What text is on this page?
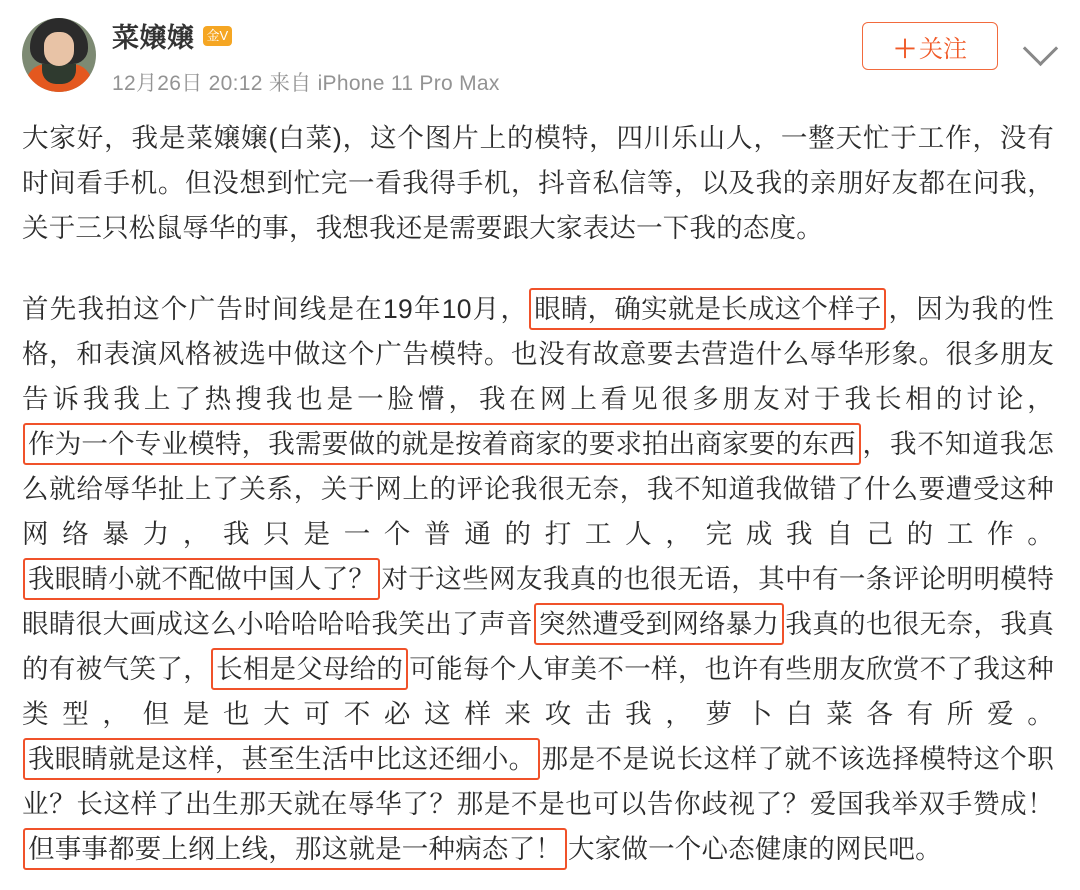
菜嬢嬢 金V
12月26日 20:12 来自 iPhone 11 Pro Max
＋ 关注
大家好，我是菜嬢嬢(白菜)，这个图片上的模特，四川乐山人，一整天忙于工作，没有时间看手机。但没想到忙完一看我得手机，抖音私信等，以及我的亲朋好友都在问我，关于三只松鼠辱华的事，我想我还是需要跟大家表达一下我的态度。
首先我拍这个广告时间线是在19年10月， 眼睛，确实就是长成这个样子 ，因为我的性格，和表演风格被选中做这个广告模特。也没有故意要去营造什么辱华形象。很多朋友告诉我我上了热搜我也是一脸懵，我在网上看见很多朋友对于我长相的讨论，作为一个专业模特，我需要做的就是按着商家的要求拍出商家要的东西 ，我不知道我怎么就给辱华扯上了关系，关于网上的评论我很无奈，我不知道我做错了什么要遭受这种网络暴力，我只是一个普通的打工人，完成我自己的工作。我眼睛小就不配做中国人了？ 对于这些网友我真的也很无语，其中有一条评论明明模特眼睛很大画成这么小哈哈哈哈我笑出了声音 突然遭受到网络暴力 我真的也很无奈，我真的有被气笑了， 长相是父母给的 可能每个人审美不一样，也许有些朋友欣赏不了我这种类型，但是也大可不必这样来攻击我，萝卜白菜各有所爱。我眼睛就是这样，甚至生活中比这还细小。 那是不是说长这样了就不该选择模特这个职业？长这样了出生那天就在辱华了？那是不是也可以告你歧视了？爱国我举双手赞成！但事事都要上纲上线，那这就是一种病态了！ 大家做一个心态健康的网民吧。
